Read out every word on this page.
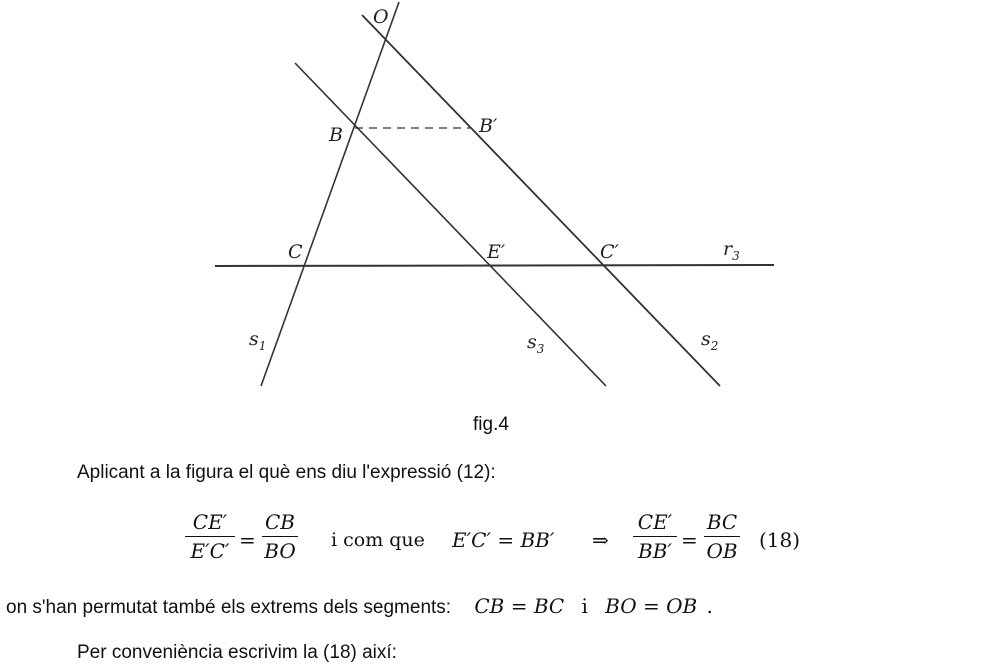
O
B	B′
C	E′	C′	$r_3$
$s_1$	$s_3$	$s_2$
fig.4
Aplicant a la figura el què ens diu l'expressió (12):
CE′
E′C′ =
CB
BO i com que E′C′ = BB′ ⇒
CE′
BB′ =
BC
OB (18)
on s'han permutat també els extrems dels segments: CB = BC i BO = OB .
Per conveniència escrivim la (18) així:
